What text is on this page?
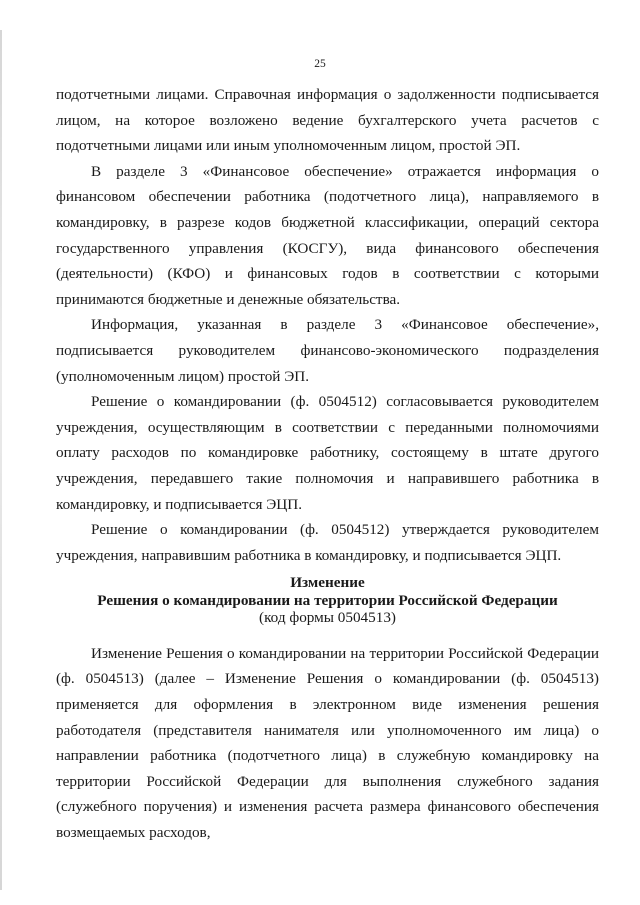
25

подотчетными лицами. Справочная информация о задолженности подписывается лицом, на которое возложено ведение бухгалтерского учета расчетов с подотчетными лицами или иным уполномоченным лицом, простой ЭП.

В разделе 3 «Финансовое обеспечение» отражается информация о финансовом обеспечении работника (подотчетного лица), направляемого в командировку, в разрезе кодов бюджетной классификации, операций сектора государственного управления (КОСГУ), вида финансового обеспечения (деятельности) (КФО) и финансовых годов в соответствии с которыми принимаются бюджетные и денежные обязательства.

Информация, указанная в разделе 3 «Финансовое обеспечение», подписывается руководителем финансово-экономического подразделения (уполномоченным лицом) простой ЭП.

Решение о командировании (ф. 0504512) согласовывается руководителем учреждения, осуществляющим в соответствии с переданными полномочиями оплату расходов по командировке работнику, состоящему в штате другого учреждения, передавшего такие полномочия и направившего работника в командировку, и подписывается ЭЦП.

Решение о командировании (ф. 0504512) утверждается руководителем учреждения, направившим работника в командировку, и подписывается ЭЦП.

Изменение
Решения о командировании на территории Российской Федерации
(код формы 0504513)

Изменение Решения о командировании на территории Российской Федерации (ф. 0504513) (далее – Изменение Решения о командировании (ф. 0504513) применяется для оформления в электронном виде изменения решения работодателя (представителя нанимателя или уполномоченного им лица) о направлении работника (подотчетного лица) в служебную командировку на территории Российской Федерации для выполнения служебного задания (служебного поручения) и изменения расчета размера финансового обеспечения возмещаемых расходов,
